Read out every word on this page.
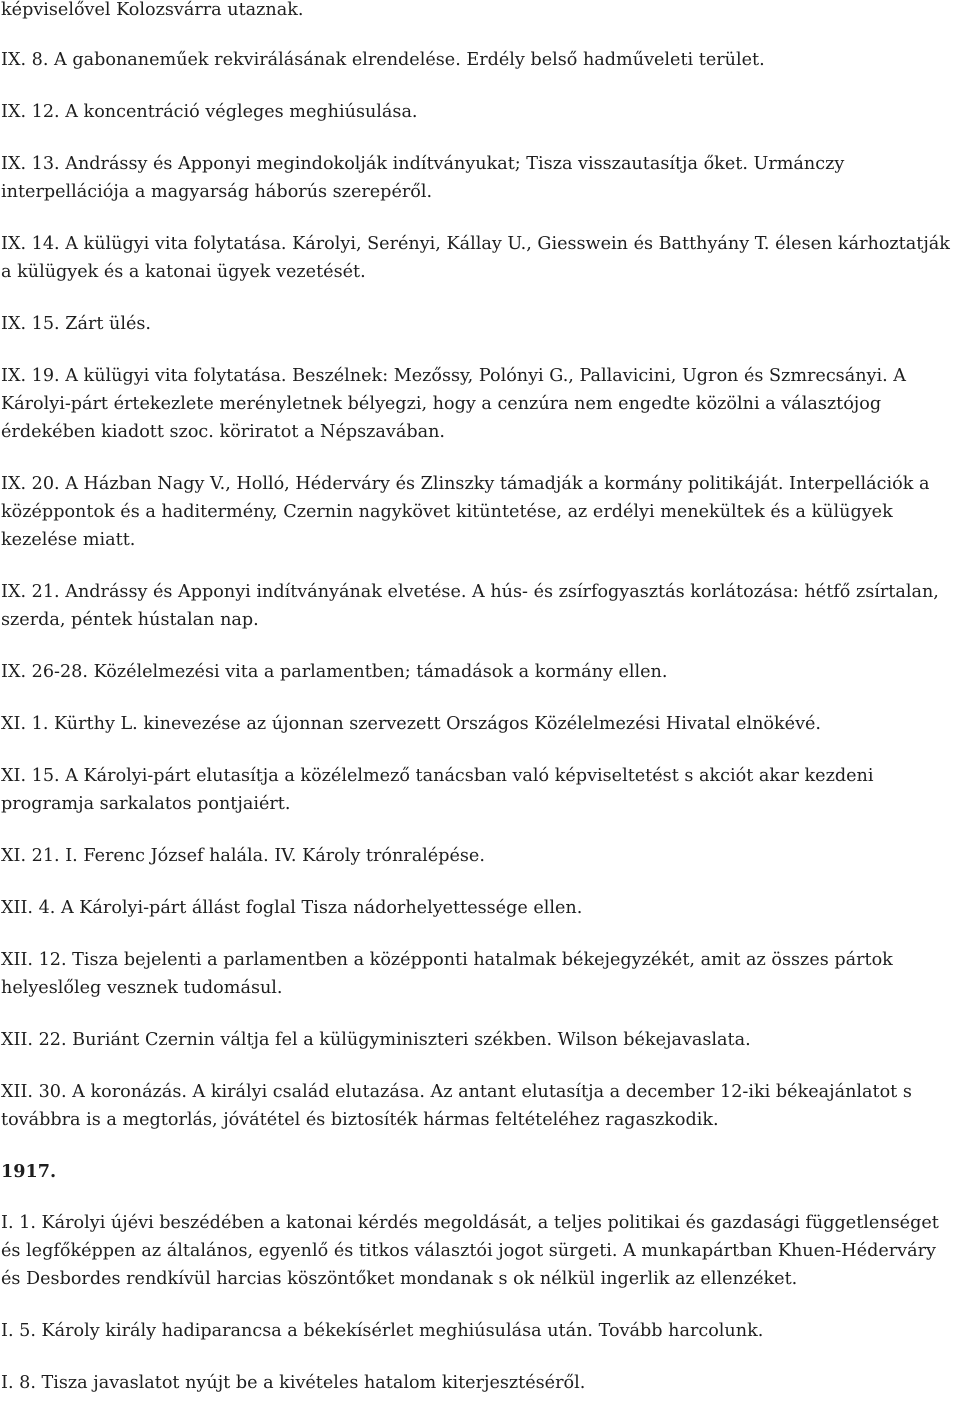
képviselővel Kolozsvárra utaznak.

IX. 8. A gabonaneműek rekvirálásának elrendelése. Erdély belső hadműveleti terület.

IX. 12. A koncentráció végleges meghiúsulása.

IX. 13. Andrássy és Apponyi megindokolják indítványukat; Tisza visszautasítja őket. Urmánczy interpellációja a magyarság háborús szerepéről.

IX. 14. A külügyi vita folytatása. Károlyi, Serényi, Kállay U., Giesswein és Batthyány T. élesen kárhoztatják a külügyek és a katonai ügyek vezetését.

IX. 15. Zárt ülés.

IX. 19. A külügyi vita folytatása. Beszélnek: Mezőssy, Polónyi G., Pallavicini, Ugron és Szmrecsányi. A Károlyi-párt értekezlete merényletnek bélyegzi, hogy a cenzúra nem engedte közölni a választójog érdekében kiadott szoc. köriratot a Népszavában.

IX. 20. A Házban Nagy V., Holló, Hédervár​y és Zlinszky támadják a kormány politikáját. Interpellációk a középpontok és a haditermény, Czernin nagykövet kitüntetése, az erdélyi menekültek és a külügyek kezelése miatt.

IX. 21. Andrássy és Apponyi indítványának elvetése. A hús- és zsírfogyasztás korlátozása: hétfő zsírtalan, szerda, péntek hústalan nap.

IX. 26-28. Közélelmezési vita a parlamentben; támadások a kormány ellen.

XI. 1. Kürthy L. kinevezése az újonnan szervezett Országos Közélelmezési Hivatal elnökévé.

XI. 15. A Károlyi-párt elutasítja a közélelmező tanácsban való képviseltetést s akciót akar kezdeni programja sarkalatos pontjaiért.

XI. 21. I. Ferenc József halála. IV. Károly trónralépése.

XII. 4. A Károlyi-párt állást foglal Tisza nádorhelyettessége ellen.

XII. 12. Tisza bejelenti a parlamentben a középponti hatalmak békejegyzékét, amit az összes pártok helyeslőleg vesznek tudomásul.

XII. 22. Buriánt Czernin váltja fel a külügyminiszteri székben. Wilson békejavaslata.

XII. 30. A koronázás. A királyi család elutazása. Az antant elutasítja a december 12-iki békeajánlatot s továbbra is a megtorlás, jóvátétel és biztosíték hármas feltételéhez ragaszkodik.

1917.

I. 1. Károlyi újévi beszédében a katonai kérdés megoldását, a teljes politikai és gazdasági függetlenséget és legfőképpen az általános, egyenlő és titkos választói jogot sürgeti. A munkapártban Khuen-Hédervár​y és Desbordes rendkívül harcias köszöntőket mondanak s ok nélkül ingerlik az ellenzéket.

I. 5. Károly király hadiparancsa a békekísérlet meghiúsulása után. Tovább harcolunk.

I. 8. Tisza javaslatot nyújt be a kivételes hatalom kiterjesztéséről.
